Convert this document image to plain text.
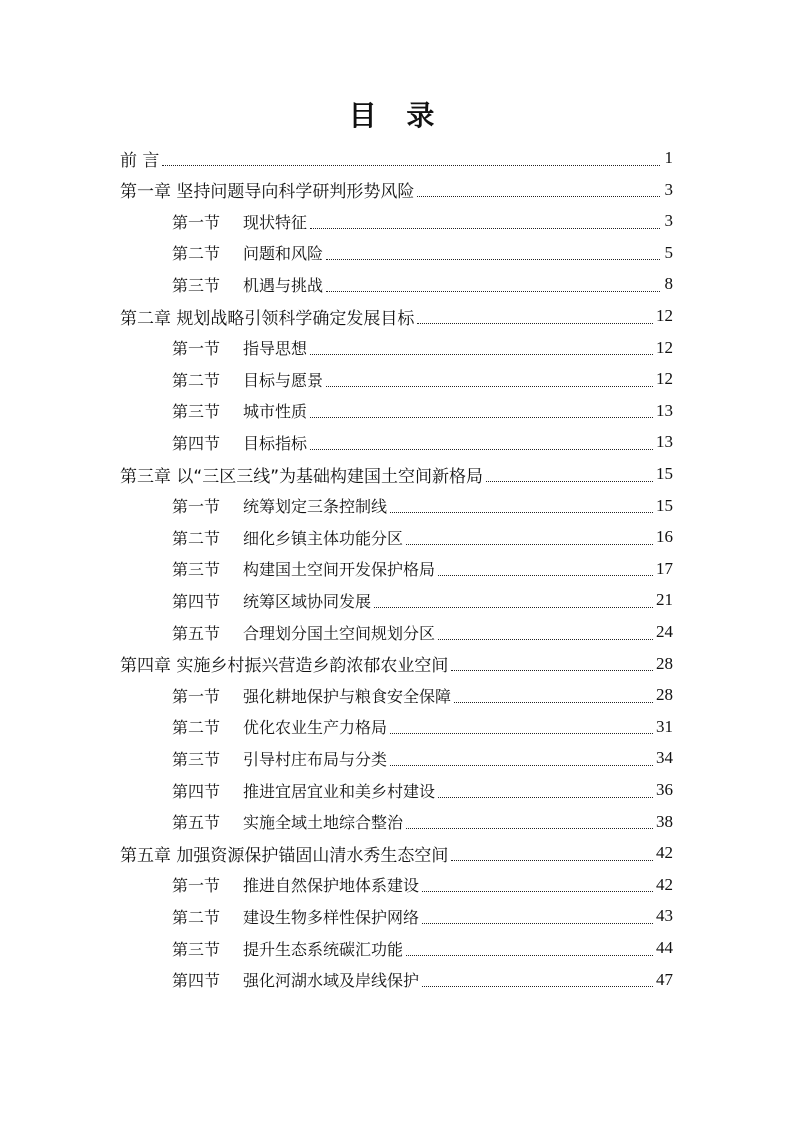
目 录
前 言	1
第一章 坚持问题导向科学研判形势风险	3
第一节	现状特征	3
第二节	问题和风险	5
第三节	机遇与挑战	8
第二章 规划战略引领科学确定发展目标	12
第一节	指导思想	12
第二节	目标与愿景	12
第三节	城市性质	13
第四节	目标指标	13
第三章 以“三区三线”为基础构建国土空间新格局	15
第一节	统筹划定三条控制线	15
第二节	细化乡镇主体功能分区	16
第三节	构建国土空间开发保护格局	17
第四节	统筹区域协同发展	21
第五节	合理划分国土空间规划分区	24
第四章 实施乡村振兴营造乡韵浓郁农业空间	28
第一节	强化耕地保护与粮食安全保障	28
第二节	优化农业生产力格局	31
第三节	引导村庄布局与分类	34
第四节	推进宜居宜业和美乡村建设	36
第五节	实施全域土地综合整治	38
第五章 加强资源保护锚固山清水秀生态空间	42
第一节	推进自然保护地体系建设	42
第二节	建设生物多样性保护网络	43
第三节	提升生态系统碳汇功能	44
第四节	强化河湖水域及岸线保护	47
